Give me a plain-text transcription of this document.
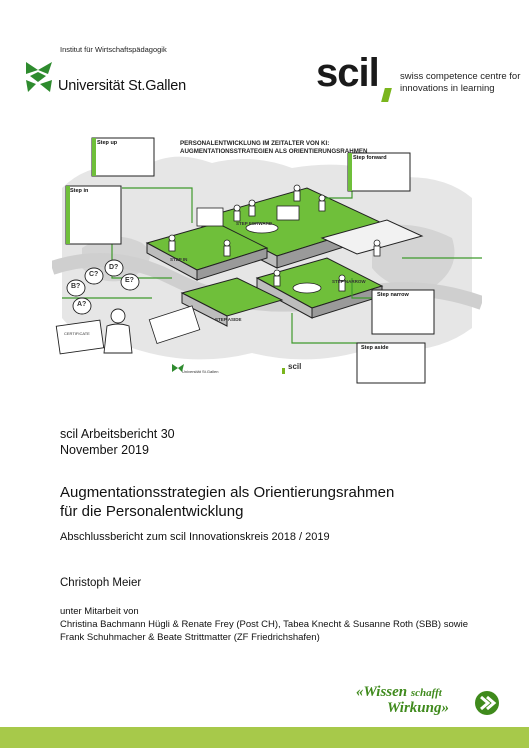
Institut für Wirtschaftspädagogik
Universität St.Gallen	scil swiss competence centre for
innovations in learning
PERSONALENTWICKLUNG IM ZEITALTER VON KI:
AUGMENTATIONSSTRATEGIEN ALS ORIENTIERUNGSRAHMEN
Step up
Step in
Step forward
Step narrow
Step aside
STEP FORWARD
STEP IN
STEP NARROW
STEP ASIDE
B?
C?
D?
E?
A?
CERTIFICATE
Universität St.Gallen
scil
scil Arbeitsbericht 30
November 2019
Augmentationsstrategien als Orientierungsrahmen
für die Personalentwicklung
Abschlussbericht zum scil Innovationskreis 2018 / 2019
Christoph Meier
unter Mitarbeit von
Christina Bachmann Hügli & Renate Frey (Post CH), Tabea Knecht & Susanne Roth (SBB) sowie
Frank Schuhmacher & Beate Strittmatter (ZF Friedrichshafen)
«Wissen schafft
Wirkung»
